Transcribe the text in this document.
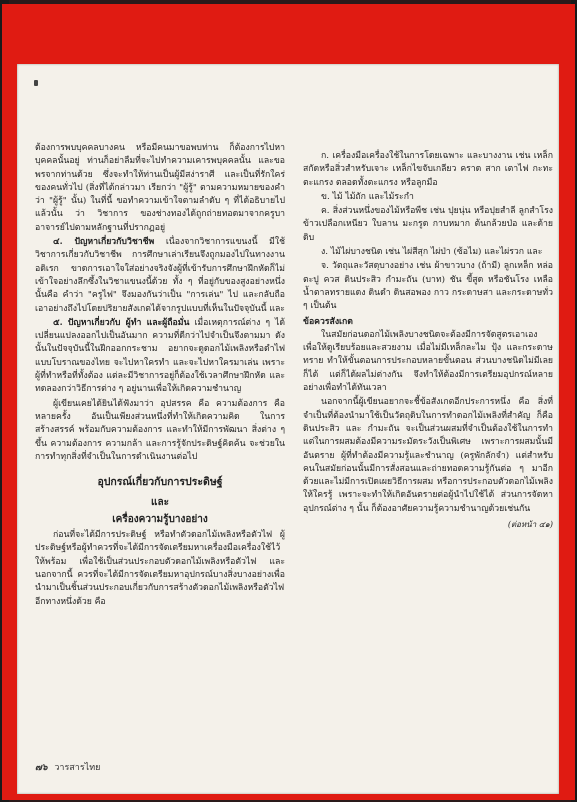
ต้องการพบบุคคลบางคน หรือมีคนมาขอพบท่าน ก็ต้องการไปหาบุคคลนั้นอยู่ ท่านก็อย่าลืมที่จะไปทำความเคารพบุคคลนั้น และขอพรจากท่านด้วย ซึ่งจะทำให้ท่านเป็นผู้มีสง่าราศี และเป็นที่รักใคร่ของคนทั่วไป (สิ่งที่ได้กล่าวมา เรียกว่า "ผู้รู้" ตามความหมายของคำว่า "ผู้รู้" นั้น) ในที่นี้ ขอทำความเข้าใจตามลำดับ ๆ ที่ได้อธิบายไปแล้วนั้น ว่า วิชาการ ของช่างทองได้ถูกถ่ายทอดมาจากครูบาอาจารย์ไปตามหลักฐานที่ปรากฏอยู่

๔. ปัญหาเกี่ยวกับวิชาชีพ เนื่องจากวิชาการแขนงนี้ มีใช้วิชาการเกี่ยวกับวิชาชีพ การศึกษาเล่าเรียนจึงถูกมองไปในทางงานอดิเรก ขาดการเอาใจใส่อย่างจริงจังผู้ที่เข้ารับการศึกษาฝึกหัดก็ไม่เข้าใจอย่างลึกซึ้งในวิชาแขนงนี้ด้วย ทั้ง ๆ ที่อยู่กับของสูงอย่างหนึ่งนั้นคือ คำว่า "ครูไฟ" จึงมองกันว่าเป็น "การเล่น" ไป และกลับถือเอาอย่างถึงไปโดยปริยายสังเกตได้จากรูปแบบที่เห็นในปัจจุบันนี้ และ

๕. ปัญหาเกี่ยวกับ ผู้ทำ และผู้ถือมั่น เมื่อเหตุการณ์ต่าง ๆ ได้เปลี่ยนแปลงออกไปเป็นอันมาก ความที่ดีกว่าไปจำเป็นจึงตามมา ดังนั้นในปัจจุบันนี้ในฝีกออกกระชาม อยากจะดูดอกไม้เพลิงหรือดำไฟแบบโบราณของไทย จะไปหาใครทำ และจะไปหาใครมาเล่น เพราะผู้ที่ทำหรือที่ทั้งต้อง แต่ละมีวิชาการอยู่ก็ต้องใช้เวลาศึกษาฝึกหัด และทดลองกว่าวิธีการต่าง ๆ อยู่นานเพื่อให้เกิดความชำนาญ

ผู้เขียนเคยได้ยินได้ฟังมาว่า อุปสรรค คือ ความต้องการ คือ หลายครั้ง อันเป็นเพียงส่วนหนึ่งที่ทำให้เกิดความคิด ในการสร้างสรรค์ พร้อมกับความต้องการ และทำให้มีการพัฒนา สิ่งต่าง ๆ ขึ้น ความต้องการ ความกล้า และการรู้จักประดิษฐ์คิดค้น จะช่วยในการทำทุกสิ่งที่จำเป็นในการดำเนินงานต่อไป

อุปกรณ์เกี่ยวกับการประดิษฐ์
และ
เครื่องความรู้บางอย่าง

ก่อนที่จะได้มีการประดิษฐ์ หรือทำตัวดอกไม้เพลิงหรือตัวไฟ ผู้ประดิษฐ์หรือผู้ทำควรที่จะได้มีการจัดเตรียมหาเครื่องมือเครื่องใช้ไว้ให้พร้อม เพื่อใช้เป็นส่วนประกอบตัวดอกไม้เพลิงหรือตัวไฟ และนอกจากนี้ ควรที่จะได้มีการจัดเตรียมหาอุปกรณ์บางสิ่งบางอย่างเพื่อนำมาเป็นชิ้นส่วนประกอบเกี่ยวกับการสร้างตัวดอกไม้เพลิงหรือตัวไฟ อีกทางหนึ่งด้วย คือ

ก. เครื่องมือเครื่องใช้ในการโดยเฉพาะ และบางงาน เช่น เหล็กสกัดหรือสิ่วสำหรับเจาะ เหล็กไขจับเกลียว คราด สาก เตาไฟ กะทะ ตะแกรง ตลอดทั้งตะแกรง หรือลูกมือ

ข. ไม้ ไม้ถัก และไม้ระกำ

ค. สิ่งส่วนหนึ่งของไม้หรือพืช เช่น ปุยนุ่น หรือปุยสำลี ลูกสำโรง ข้าวเปลือกเหนียว ใบลาน มะกรูด กาบหมาก ต้นกล้วยป่อ และด้ายดิบ

ง. ไม้ไผ่บางชนิด เช่น ไผ่สีสุก ไผ่ป่า (ซ้อไม) และไผ่รวก และ

จ. วัตถุและวัสดุบางอย่าง เช่น ผ้าขาวบาง (ถ้ามี) ลูกเหล็ก หล่อ ตะปู ควส ดินประสิว กำมะถัน (บาท) ชัน ขี้สูด หรือชันโรง เหลือ น้ำตาลทรายแดง ดินดำ ดินสอพอง กาว กระดาษสา และกระดาษทั่ว ๆ เป็นต้น

ข้อควรสังเกต

ในสมัยก่อนดอกไม้เพลิงบางชนิดจะต้องมีการจัดสูตรเอาเอง เพื่อให้ดูเรียบร้อยและสวยงาม เมื่อไม่มีเหล็กละไม ปุ้ง และกระดาษทราย ทำให้ขั้นตอนการประกอบหลายขั้นตอน ส่วนบางชนิดไม่มีเลยก็ได้ แต่ก็ได้ผลไม่ต่างกัน จึงทำให้ต้องมีการเตรียมอุปกรณ์หลายอย่างเพื่อทำได้ทันเวลา

นอกจากนี้ผู้เขียนอยากจะชี้ข้อสังเกตอีกประการหนึ่ง คือ สิ่งที่จำเป็นที่ต้องนำมาใช้เป็นวัตถุดิบในการทำดอกไม้เพลิงที่สำคัญ ก็คือ ดินประสิว และ กำมะถัน จะเป็นส่วนผสมที่จำเป็นต้องใช้ในการทำ แต่ในการผสมต้องมีความระมัดระวังเป็นพิเศษ เพราะการผสมนั้นมีอันตราย ผู้ที่ทำต้องมีความรู้และชำนาญ (ครูพักลักจำ) แต่สำหรับคนในสมัยก่อนนั้นมีการสั่งสอนและถ่ายทอดความรู้กันต่อ ๆ มาอีกด้วยและไม่มีการเปิดเผยวิธีการผสม หรือการประกอบตัวดอกไม้เพลิงให้ใครรู้ เพราะจะทำให้เกิดอันตรายต่อผู้นำไปใช้ได้ ส่วนการจัดหาอุปกรณ์ต่าง ๆ นั้น ก็ต้องอาศัยความรู้ความชำนาญด้วยเช่นกัน

(ต่อหน้า ๔๑)
๗๖ วารสารไทย
